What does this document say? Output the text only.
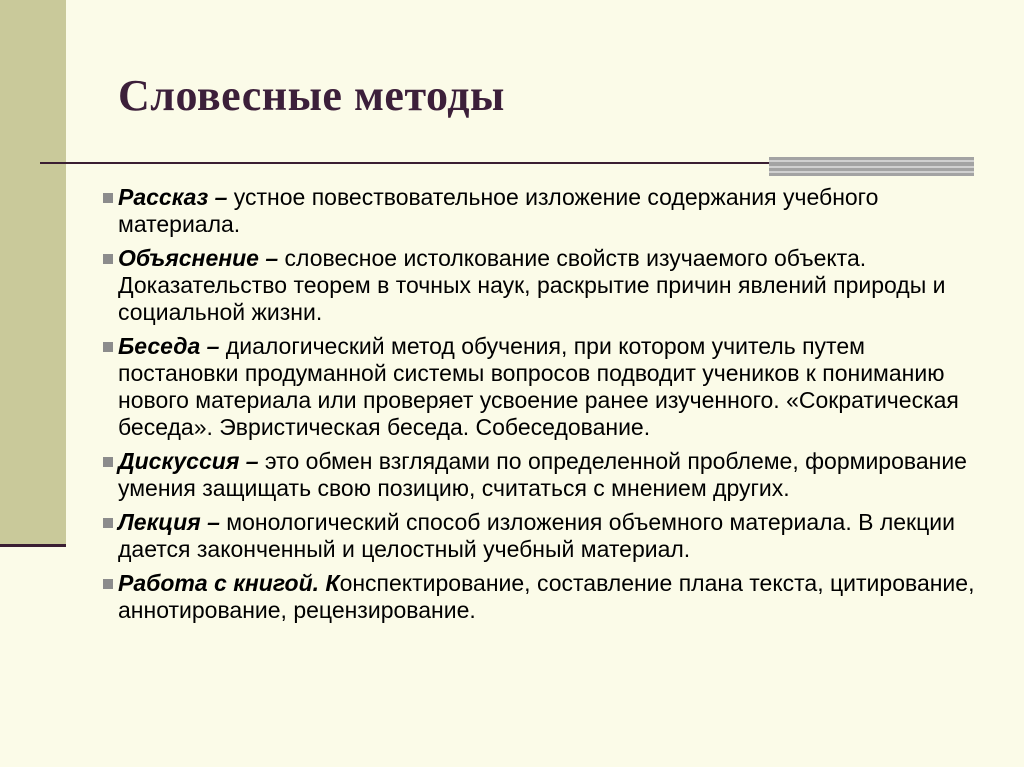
Словесные методы
Рассказ – устное повествовательное изложение содержания учебного материала.
Объяснение – словесное истолкование свойств изучаемого объекта. Доказательство теорем в точных наук, раскрытие причин явлений природы и социальной жизни.
Беседа – диалогический метод обучения, при котором учитель путем постановки продуманной системы вопросов подводит учеников к пониманию нового материала или проверяет усвоение ранее изученного. «Сократическая беседа». Эвристическая беседа. Собеседование.
Дискуссия – это обмен взглядами по определенной проблеме, формирование умения защищать свою позицию, считаться с мнением других.
Лекция – монологический способ изложения объемного материала. В лекции дается законченный и целостный учебный материал.
Работа с книгой. Конспектирование, составление плана текста, цитирование, аннотирование, рецензирование.
